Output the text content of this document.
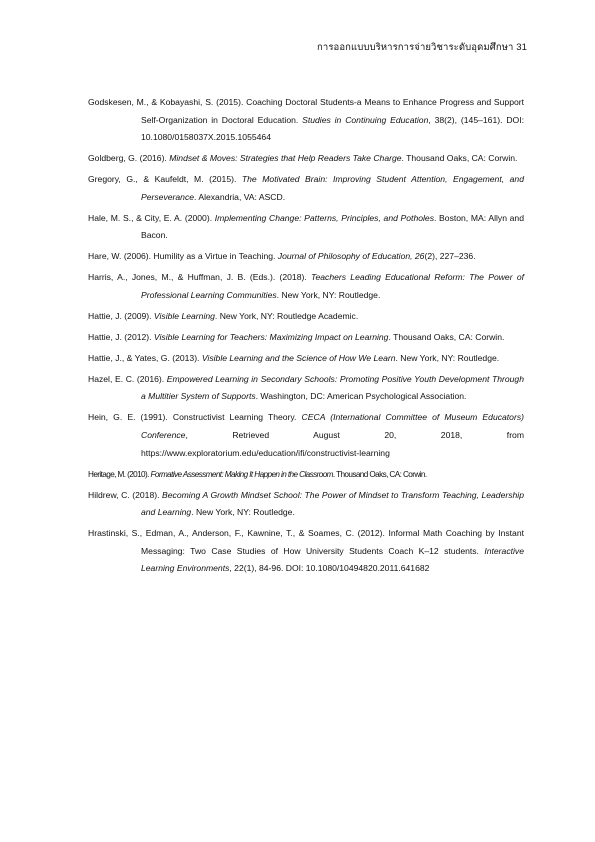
การออกแบบบริหารการจ่ายวิชาระดับอุดมศึกษา 31
Godskesen, M., & Kobayashi, S. (2015). Coaching Doctoral Students-a Means to Enhance Progress and Support Self-Organization in Doctoral Education. Studies in Continuing Education, 38(2), (145–161). DOI: 10.1080/0158037X.2015.1055464
Goldberg, G. (2016). Mindset & Moves: Strategies that Help Readers Take Charge. Thousand Oaks, CA: Corwin.
Gregory, G., & Kaufeldt, M. (2015). The Motivated Brain: Improving Student Attention, Engagement, and Perseverance. Alexandria, VA: ASCD.
Hale, M. S., & City, E. A. (2000). Implementing Change: Patterns, Principles, and Potholes. Boston, MA: Allyn and Bacon.
Hare, W. (2006). Humility as a Virtue in Teaching. Journal of Philosophy of Education, 26(2), 227–236.
Harris, A., Jones, M., & Huffman, J. B. (Eds.). (2018). Teachers Leading Educational Reform: The Power of Professional Learning Communities. New York, NY: Routledge.
Hattie, J. (2009). Visible Learning. New York, NY: Routledge Academic.
Hattie, J. (2012). Visible Learning for Teachers: Maximizing Impact on Learning. Thousand Oaks, CA: Corwin.
Hattie, J., & Yates, G. (2013). Visible Learning and the Science of How We Learn. New York, NY: Routledge.
Hazel, E. C. (2016). Empowered Learning in Secondary Schools: Promoting Positive Youth Development Through a Multitier System of Supports. Washington, DC: American Psychological Association.
Hein, G. E. (1991). Constructivist Learning Theory. CECA (International Committee of Museum Educators) Conference, Retrieved August 20, 2018, from https://www.exploratorium.edu/education/ifi/constructivist-learning
Heritage, M. (2010). Formative Assessment: Making It Happen in the Classroom. Thousand Oaks, CA: Corwin.
Hildrew, C. (2018). Becoming A Growth Mindset School: The Power of Mindset to Transform Teaching, Leadership and Learning. New York, NY: Routledge.
Hrastinski, S., Edman, A., Anderson, F., Kawnine, T., & Soames, C. (2012). Informal Math Coaching by Instant Messaging: Two Case Studies of How University Students Coach K–12 students. Interactive Learning Environments, 22(1), 84-96. DOI: 10.1080/10494820.2011.641682
